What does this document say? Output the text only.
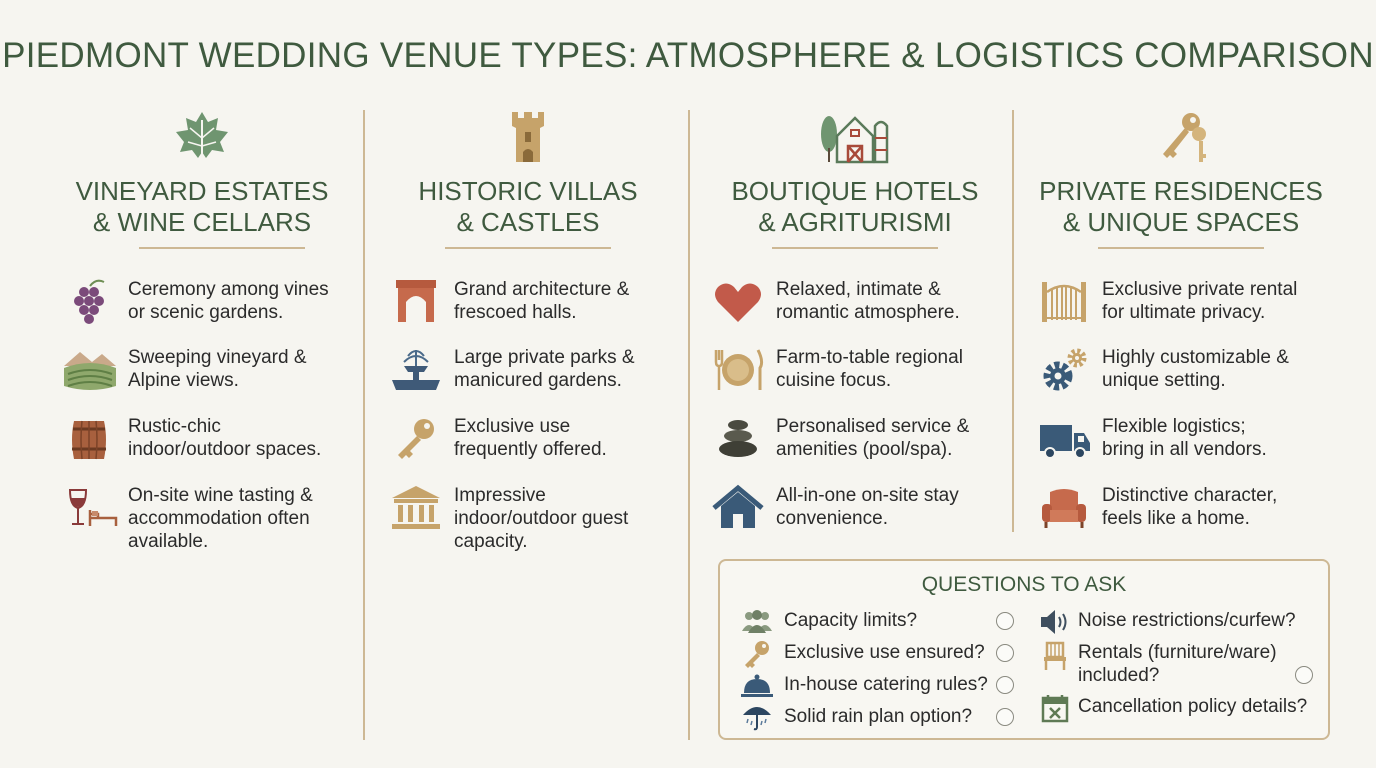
PIEDMONT WEDDING VENUE TYPES: ATMOSPHERE & LOGISTICS COMPARISON
VINEYARD ESTATES
& WINE CELLARS
Ceremony among vines
or scenic gardens.
Sweeping vineyard &
Alpine views.
Rustic-chic
indoor/outdoor spaces.
On-site wine tasting &
accommodation often
available.
HISTORIC VILLAS
& CASTLES
Grand architecture &
frescoed halls.
Large private parks &
manicured gardens.
Exclusive use
frequently offered.
Impressive
indoor/outdoor guest
capacity.
BOUTIQUE HOTELS
& AGRITURISMI
Relaxed, intimate &
romantic atmosphere.
Farm-to-table regional
cuisine focus.
Personalised service &
amenities (pool/spa).
All-in-one on-site stay
convenience.
PRIVATE RESIDENCES
& UNIQUE SPACES
Exclusive private rental
for ultimate privacy.
Highly customizable &
unique setting.
Flexible logistics;
bring in all vendors.
Distinctive character,
feels like a home.
QUESTIONS TO ASK
Capacity limits?
Exclusive use ensured?
In-house catering rules?
Solid rain plan option?
Noise restrictions/curfew?
Rentals (furniture/ware)
included?
Cancellation policy details?
